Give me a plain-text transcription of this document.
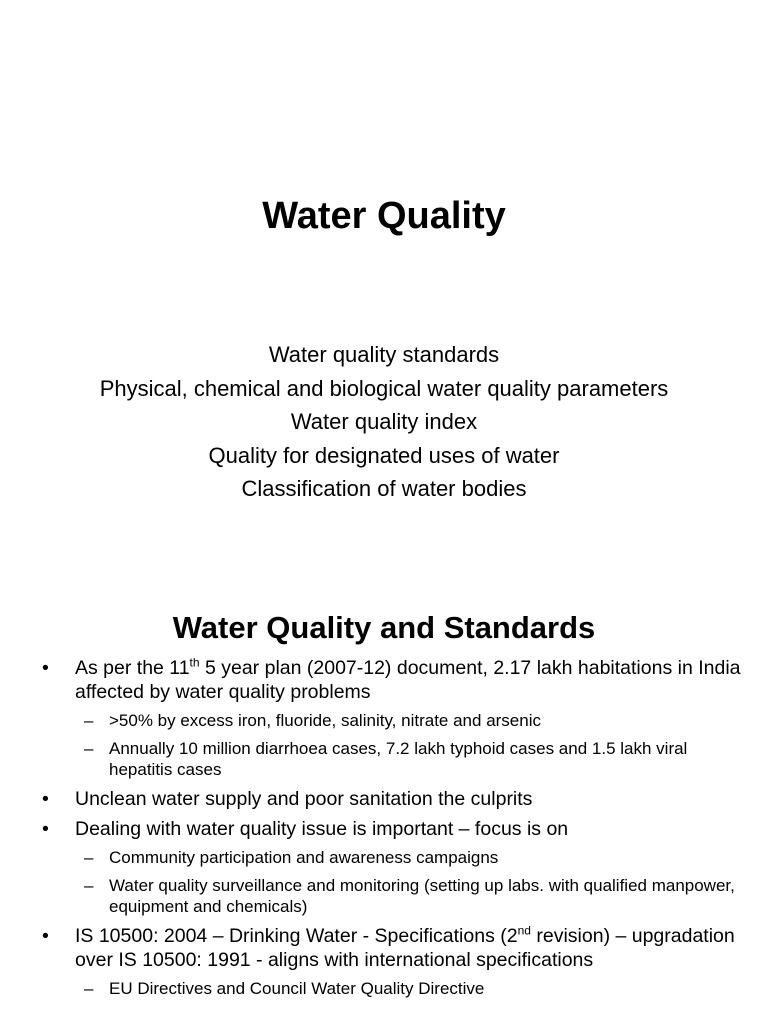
Water Quality
Water quality standards
Physical, chemical and biological water quality parameters
Water quality index
Quality for designated uses of water
Classification of water bodies
Water Quality and Standards
• As per the 11th 5 year plan (2007-12) document, 2.17 lakh habitations in India affected by water quality problems
– >50% by excess iron, fluoride, salinity, nitrate and arsenic
– Annually 10 million diarrhoea cases, 7.2 lakh typhoid cases and 1.5 lakh viral hepatitis cases
• Unclean water supply and poor sanitation the culprits
• Dealing with water quality issue is important – focus is on
– Community participation and awareness campaigns
– Water quality surveillance and monitoring (setting up labs. with qualified manpower, equipment and chemicals)
• IS 10500: 2004 – Drinking Water - Specifications (2nd revision) – upgradation over IS 10500: 1991 - aligns with international specifications
– EU Directives and Council Water Quality Directive
